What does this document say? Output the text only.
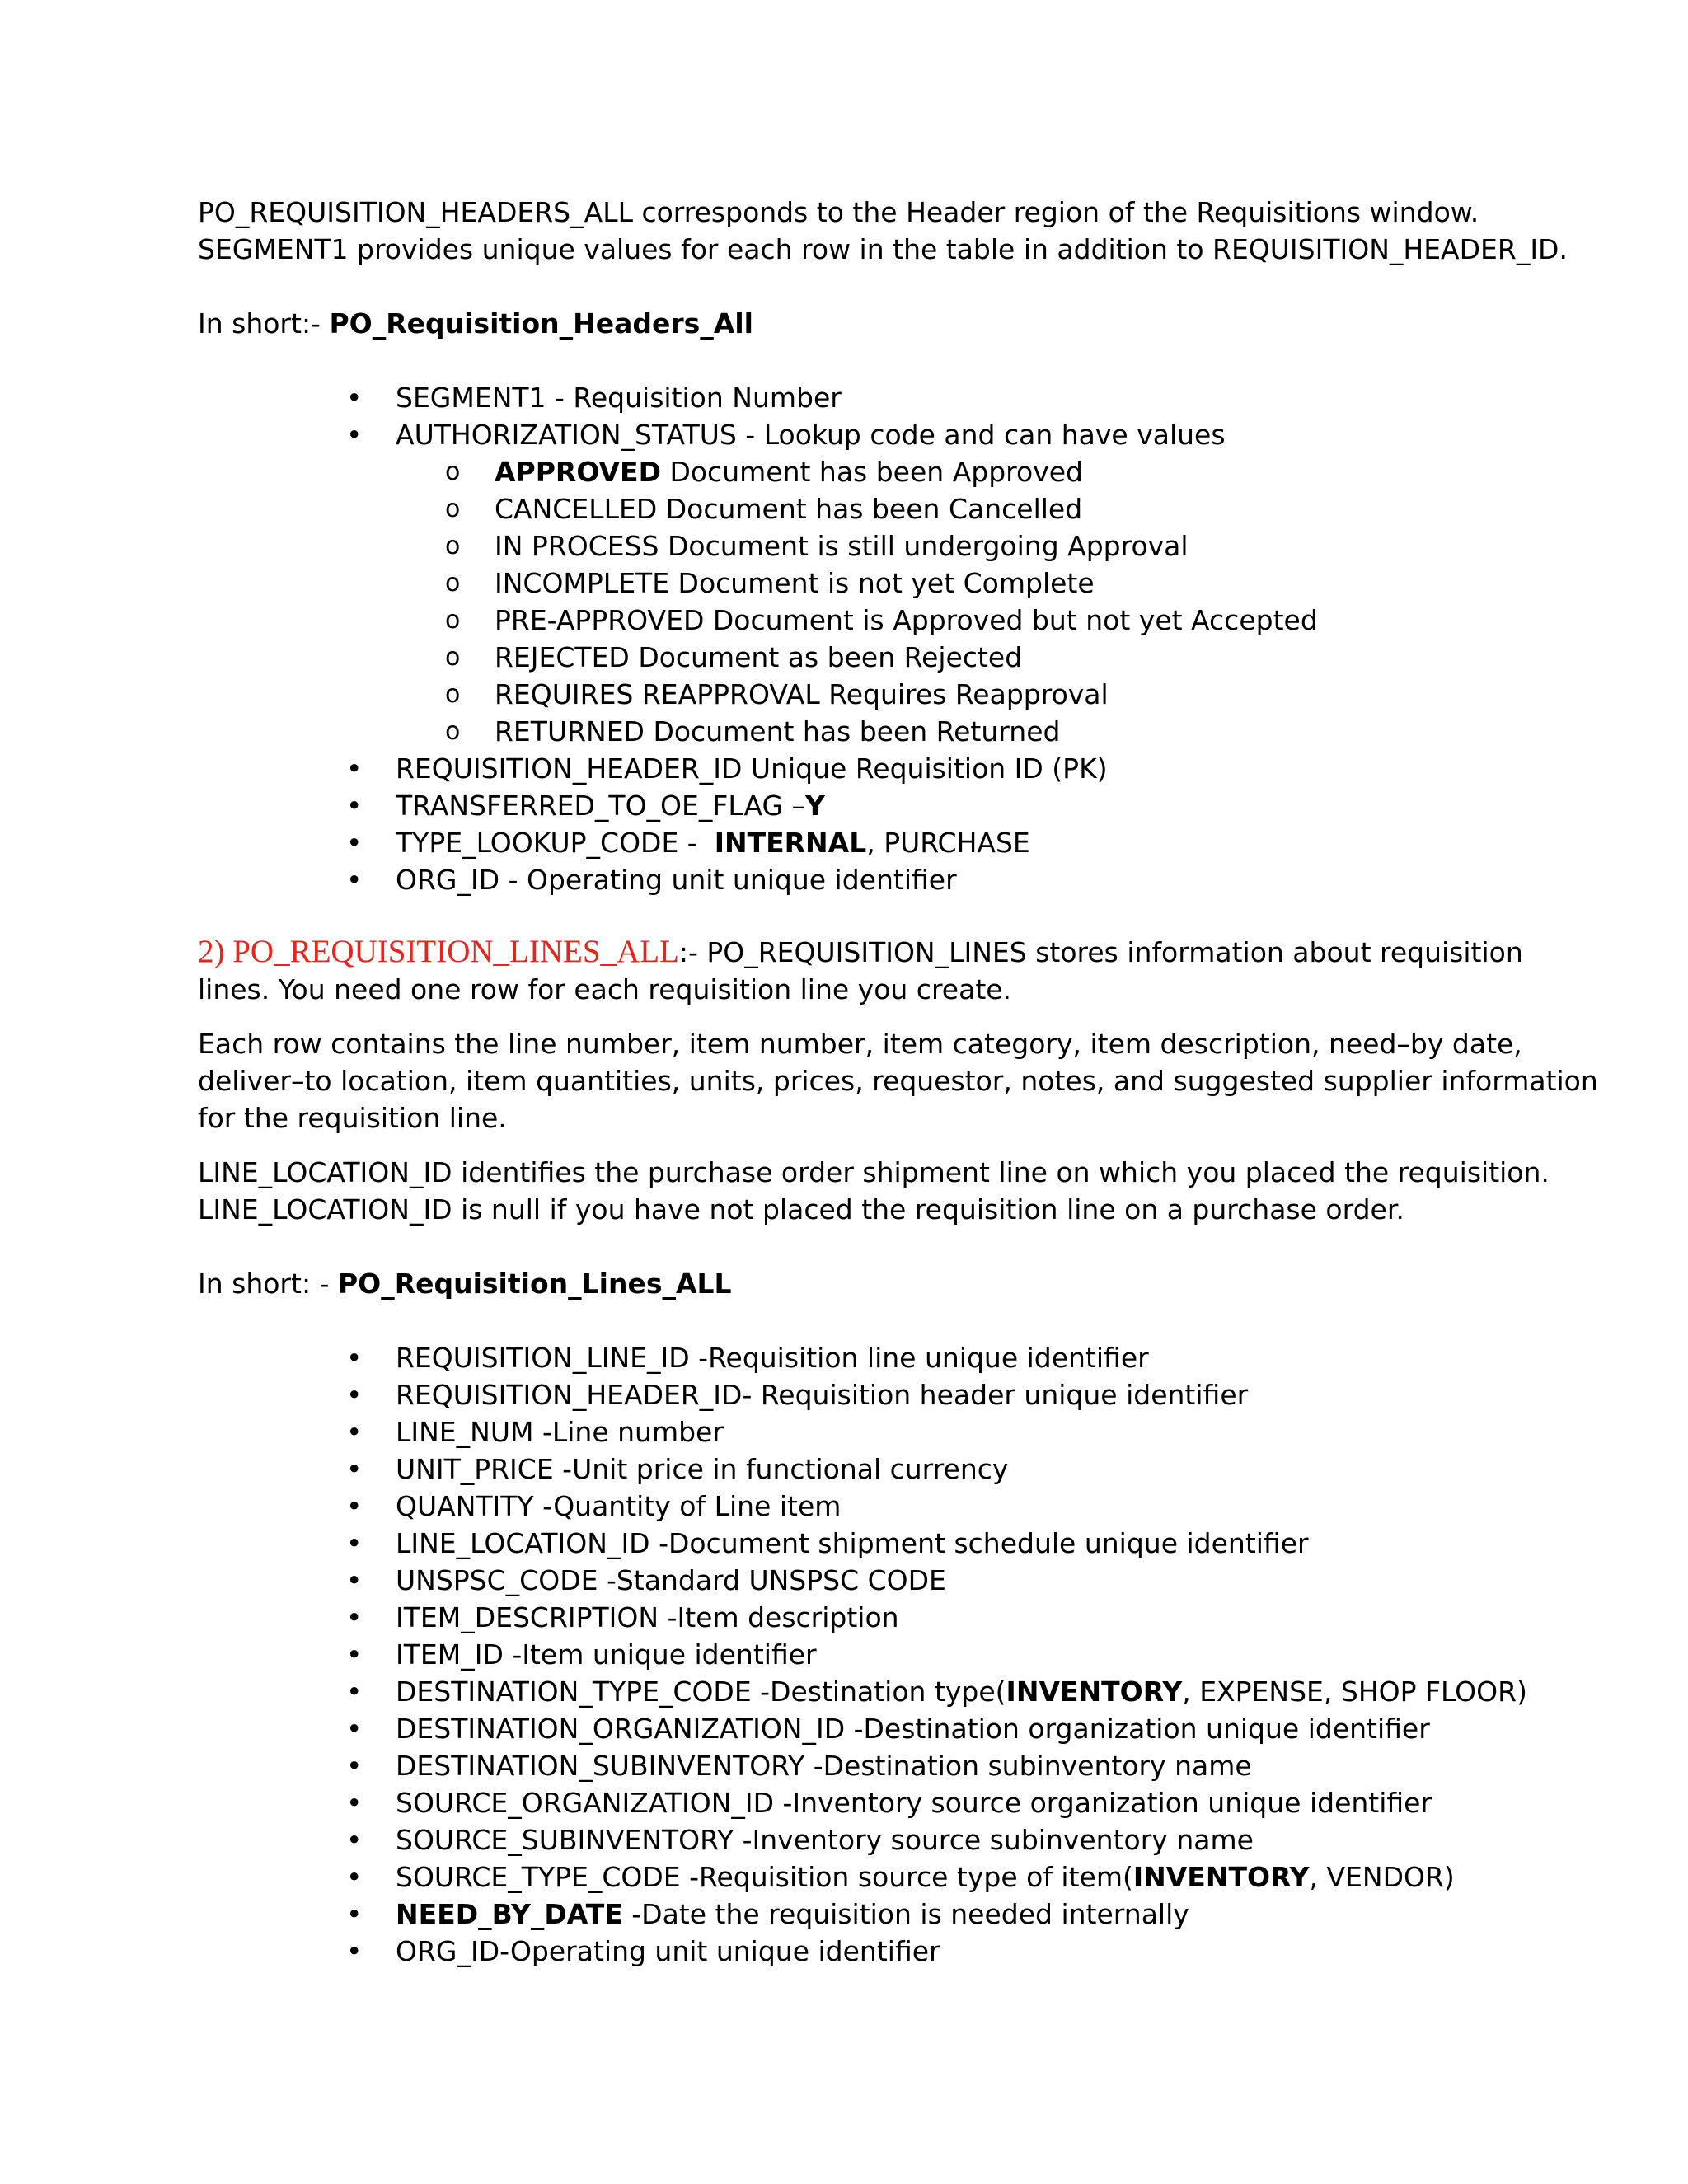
PO_REQUISITION_HEADERS_ALL corresponds to the Header region of the Requisitions window.

SEGMENT1 provides unique values for each row in the table in addition to REQUISITION_HEADER_ID.

In short:- PO_Requisition_Headers_All

• SEGMENT1 - Requisition Number
• AUTHORIZATION_STATUS - Lookup code and can have values
o APPROVED Document has been Approved
o CANCELLED Document has been Cancelled
o IN PROCESS Document is still undergoing Approval
o INCOMPLETE Document is not yet Complete
o PRE-APPROVED Document is Approved but not yet Accepted
o REJECTED Document as been Rejected
o REQUIRES REAPPROVAL Requires Reapproval
o RETURNED Document has been Returned
• REQUISITION_HEADER_ID Unique Requisition ID (PK)
• TRANSFERRED_TO_OE_FLAG –Y
• TYPE_LOOKUP_CODE -  INTERNAL, PURCHASE
• ORG_ID - Operating unit unique identifier

2) PO_REQUISITION_LINES_ALL:- PO_REQUISITION_LINES stores information about requisition

lines. You need one row for each requisition line you create.

Each row contains the line number, item number, item category, item description, need–by date,

deliver–to location, item quantities, units, prices, requestor, notes, and suggested supplier information

for the requisition line.

LINE_LOCATION_ID identifies the purchase order shipment line on which you placed the requisition.

LINE_LOCATION_ID is null if you have not placed the requisition line on a purchase order.

In short: - PO_Requisition_Lines_ALL

• REQUISITION_LINE_ID -Requisition line unique identifier
• REQUISITION_HEADER_ID- Requisition header unique identifier
• LINE_NUM -Line number
• UNIT_PRICE -Unit price in functional currency
• QUANTITY -Quantity of Line item
• LINE_LOCATION_ID -Document shipment schedule unique identifier
• UNSPSC_CODE -Standard UNSPSC CODE
• ITEM_DESCRIPTION -Item description
• ITEM_ID -Item unique identifier
• DESTINATION_TYPE_CODE -Destination type(INVENTORY, EXPENSE, SHOP FLOOR)
• DESTINATION_ORGANIZATION_ID -Destination organization unique identifier
• DESTINATION_SUBINVENTORY -Destination subinventory name
• SOURCE_ORGANIZATION_ID -Inventory source organization unique identifier
• SOURCE_SUBINVENTORY -Inventory source subinventory name
• SOURCE_TYPE_CODE -Requisition source type of item(INVENTORY, VENDOR)
• NEED_BY_DATE -Date the requisition is needed internally
• ORG_ID-Operating unit unique identifier
